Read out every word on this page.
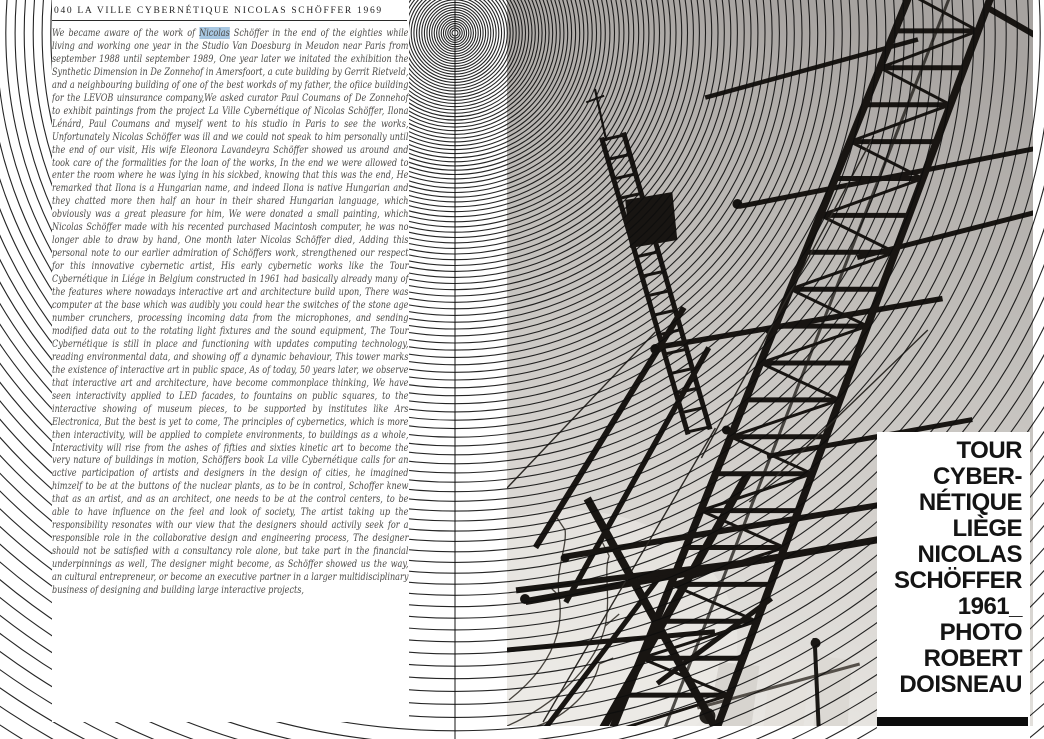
040 LA VILLE CYBERNÉTIQUE NICOLAS SCHÖFFER 1969
We became aware of the work of Nicolas Schöffer in the end of the eighties while living and working one year in the Studio Van Doesburg in Meudon near Paris from september 1988 until september 1989, One year later we initated the exhibition the Synthetic Dimension in De Zonnehof in Amersfoort, a cute building by Gerrit Rietveld, and a neighbouring building of one of the best workds of my father, the ofiice building for the LEVOB uinsurance company,We asked curator Paul Coumans of De Zonnehof to exhibit paintings from the project La Ville Cybernétique of Nicolas Schöffer, Ilona Lénárd, Paul Coumans and myself went to his studio in Paris to see the works, Unfortunately Nicolas Schöffer was ill and we could not speak to him personally until the end of our visit, His wife Eleonora Lavandeyra Schöffer showed us around and took care of the formalities for the loan of the works, In the end we were allowed to enter the room where he was lying in his sickbed, knowing that this was the end, He remarked that Ilona is a Hungarian name, and indeed Ilona is native Hungarian and they chatted more then half an hour in their shared Hungarian language, which obviously was a great pleasure for him, We were donated a small painting, which Nicolas Schöffer made with his recented purchased Macintosh computer, he was no longer able to draw by hand, One month later Nicolas Schöffer died, Adding this personal note to our earlier admiration of Schöffers work, strengthened our respect for this innovative cybernetic artist, His early cybernetic works like the Tour Cybernétique in Liége in Belgium constructed in 1961 had basically already many of the features where nowadays interactive art and architecture build upon, There was computer at the base which was audibly you could hear the switches of the stone age number crunchers, processing incoming data from the microphones, and sending modified data out to the rotating light fixtures and the sound equipment, The Tour Cybernétique is still in place and functioning with updates computing technology, reading environmental data, and showing off a dynamic behaviour, This tower marks the existence of interactive art in public space, As of today, 50 years later, we observe that interactive art and architecture, have become commonplace thinking, We have seen interactivity applied to LED facades, to fountains on public squares, to the interactive showing of museum pieces, to be supported by institutes like Ars Electronica, But the best is yet to come, The principles of cybernetics, which is more then interactivity, will be applied to complete environments, to buildings as a whole, Interactivity will rise from the ashes of fifties and sixties kinetic art to become the very nature of buildings in motion, Schöffers book La ville Cybernétique calls for an active participation of artists and designers in the design of cities, he imagined himzelf to be at the buttons of the nuclear plants, as to be in control, Schoffer knew that as an artist, and as an architect, one needs to be at the control centers, to be able to have influence on the feel and look of society, The artist taking up the responsibility resonates with our view that the designers should activily seek for a responsible role in the collaborative design and engineering process, The designer should not be satisfied with a consultancy role alone, but take part in the financial underpinnings as well, The designer might become, as Schöffer showed us the way, an cultural entrepreneur, or become an executive partner in a larger multidisciplinary business of designing and building large interactive projects,
TOUR
CYBER-
NÉTIQUE
LIÈGE
NICOLAS
SCHÖFFER
1961_
PHOTO
ROBERT
DOISNEAU
